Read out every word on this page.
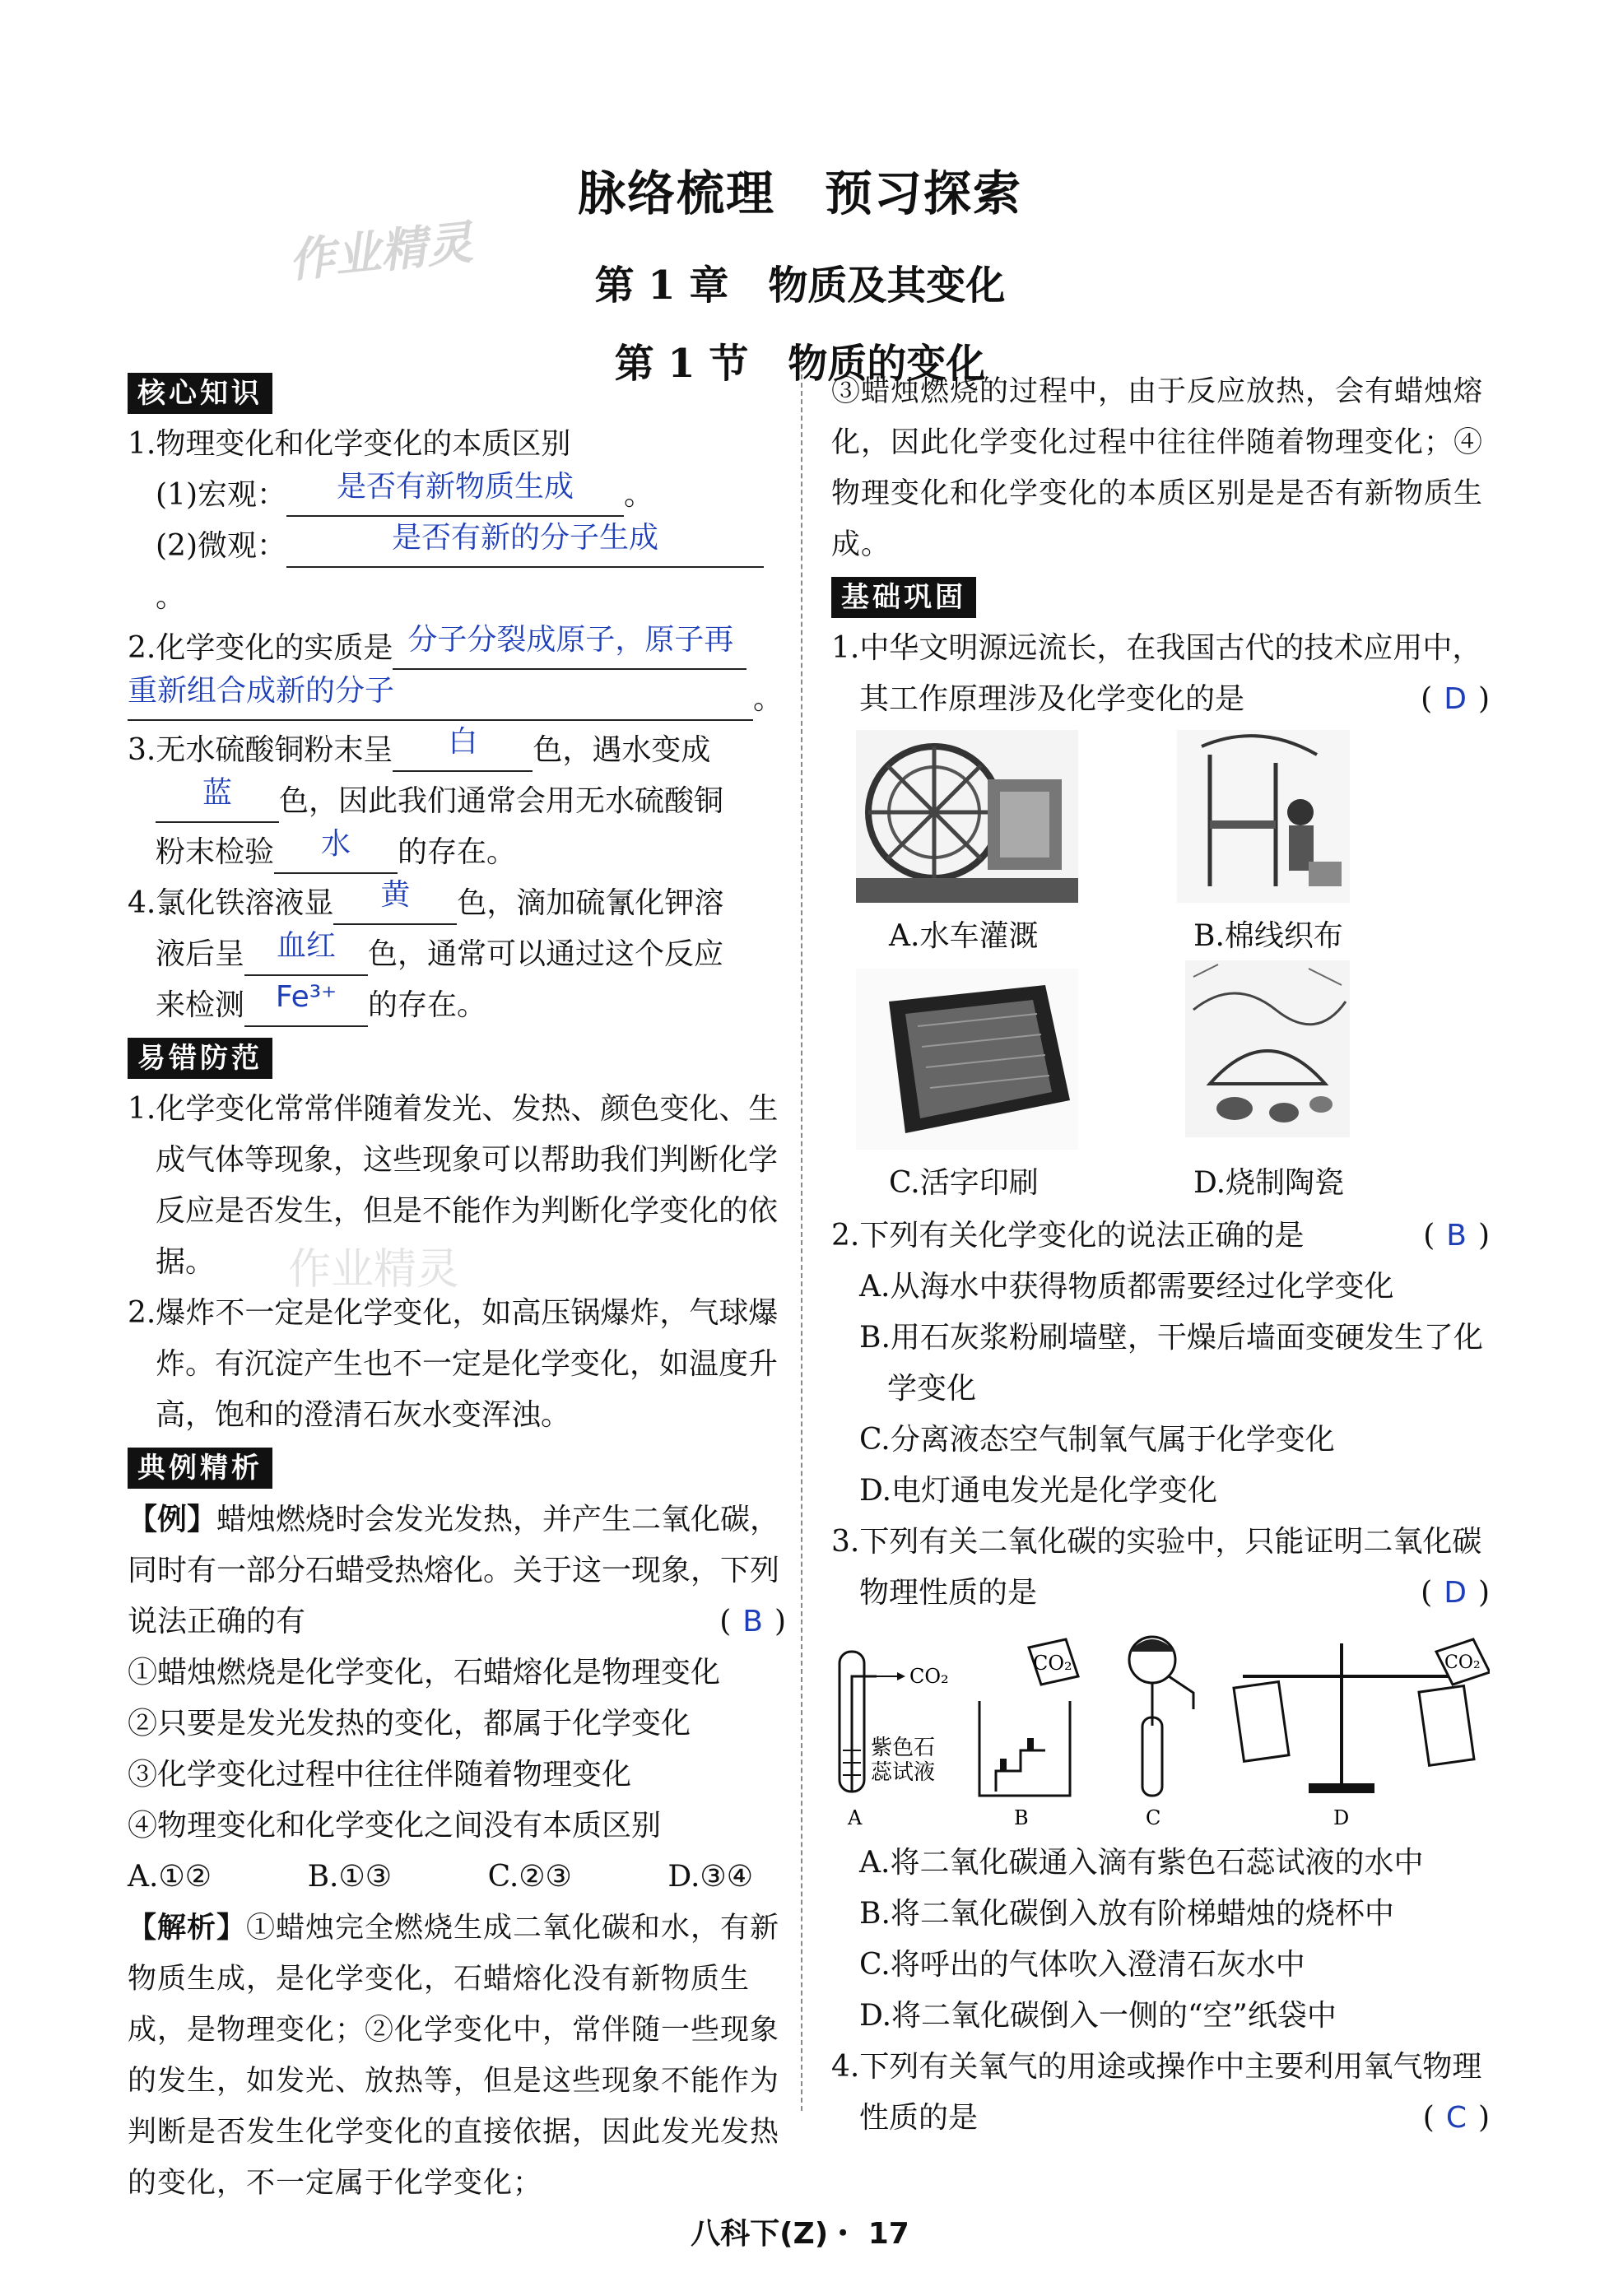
作业精灵
作业精灵
脉络梳理　预习探索
第 1 章　物质及其变化
第 1 节　物质的变化
核心知识
1.物理变化和化学变化的本质区别
(1)宏观： 是否有新物质生成 。
(2)微观：	是否有新的分子生成。
2.化学变化的实质是 分子分裂成原子，原子再
重新组合成新的分子	。
3.无水硫酸铜粉末呈 白 色，遇水变成
蓝 色，因此我们通常会用无水硫酸铜
粉末检验 水 的存在。
4.氯化铁溶液显 黄 色，滴加硫氰化钾溶
液后呈 血红 色，通常可以通过这个反应
来检测 Fe³⁺ 的存在。
易错防范
1.化学变化常常伴随着发光、发热、颜色变化、生成气体等现象，这些现象可以帮助我们判断化学反应是否发生，但是不能作为判断化学变化的依据。
2.爆炸不一定是化学变化，如高压锅爆炸，气球爆炸。有沉淀产生也不一定是化学变化，如温度升高，饱和的澄清石灰水变浑浊。
典例精析
【例】蜡烛燃烧时会发光发热，并产生二氧化碳，同时有一部分石蜡受热熔化。关于这一现象，下列说法正确的有	( B )
①蜡烛燃烧是化学变化，石蜡熔化是物理变化
②只要是发光发热的变化，都属于化学变化
③化学变化过程中往往伴随着物理变化
④物理变化和化学变化之间没有本质区别
A.①②	B.①③	C.②③	D.③④
【解析】①蜡烛完全燃烧生成二氧化碳和水，有新物质生成，是化学变化，石蜡熔化没有新物质生成，是物理变化；②化学变化中，常伴随一些现象的发生，如发光、放热等，但是这些现象不能作为判断是否发生化学变化的直接依据，因此发光发热的变化，不一定属于化学变化；
③蜡烛燃烧的过程中，由于反应放热，会有蜡烛熔化，因此化学变化过程中往往伴随着物理变化；④物理变化和化学变化的本质区别是是否有新物质生成。
基础巩固
1.中华文明源远流长，在我国古代的技术应用中，其工作原理涉及化学变化的是	( D )
A.水车灌溉	B.棉线织布
C.活字印刷	D.烧制陶瓷
2.下列有关化学变化的说法正确的是	( B )
A.从海水中获得物质都需要经过化学变化
B.用石灰浆粉刷墙壁，干燥后墙面变硬发生了化学变化
C.分离液态空气制氧气属于化学变化
D.电灯通电发光是化学变化
3.下列有关二氧化碳的实验中，只能证明二氧化碳物理性质的是	( D )
CO₂
紫色石
蕊试液
A
CO₂
B	C
CO₂
D
A.将二氧化碳通入滴有紫色石蕊试液的水中
B.将二氧化碳倒入放有阶梯蜡烛的烧杯中
C.将呼出的气体吹入澄清石灰水中
D.将二氧化碳倒入一侧的“空”纸袋中
4.下列有关氧气的用途或操作中主要利用氧气物理性质的是	( C )
八科下(Z)・ 17
